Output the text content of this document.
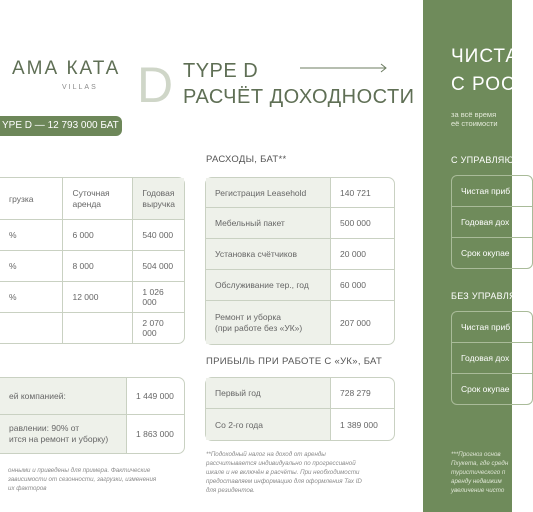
АМА КАТА
VILLAS D TYPE D
РАСЧЁТ ДОХОДНОСТИ
YPE D — 12 793 000 БАТ
грузка	Суточная аренда	Годовая выручка
%	6 000	540 000
%	8 000	504 000
%	12 000	1 026 000
		2 070 000
ей компанией:	1 449 000
равлении: 90% от
ится на ремонт и уборку)	1 863 000
онными и приведены для примера. Фактические
зависимости от сезонности, загрузки, изменения
их факторов
РАСХОДЫ, БАТ**
Регистрация Leasehold	140 721
Мебельный пакет	500 000
Установка счётчиков	20 000
Обслуживание тер., год	60 000
Ремонт и уборка
(при работе без «УК»)	207 000
ПРИБЫЛЬ ПРИ РАБОТЕ С «УК», БАТ
Первый год	728 279
Со 2-го года	1 389 000
**Подоходный налог на доход от аренды
рассчитывается индивидуально по прогрессивной
шкале и не включён в расчёты. При необходимости
предоставляем информацию для оформления Tax ID
для резидентов.
ЧИСТА
С РОСТ
за всё время
её стоимости
С УПРАВЛЯЮ
Чистая приб
Годовая дох
Срок окупае
БЕЗ УПРАВЛЯ
Чистая приб
Годовая дох
Срок окупае
***Прогноз основ
Пхукета, где средн
туристического п
аренду недвижим
увеличение чисто
